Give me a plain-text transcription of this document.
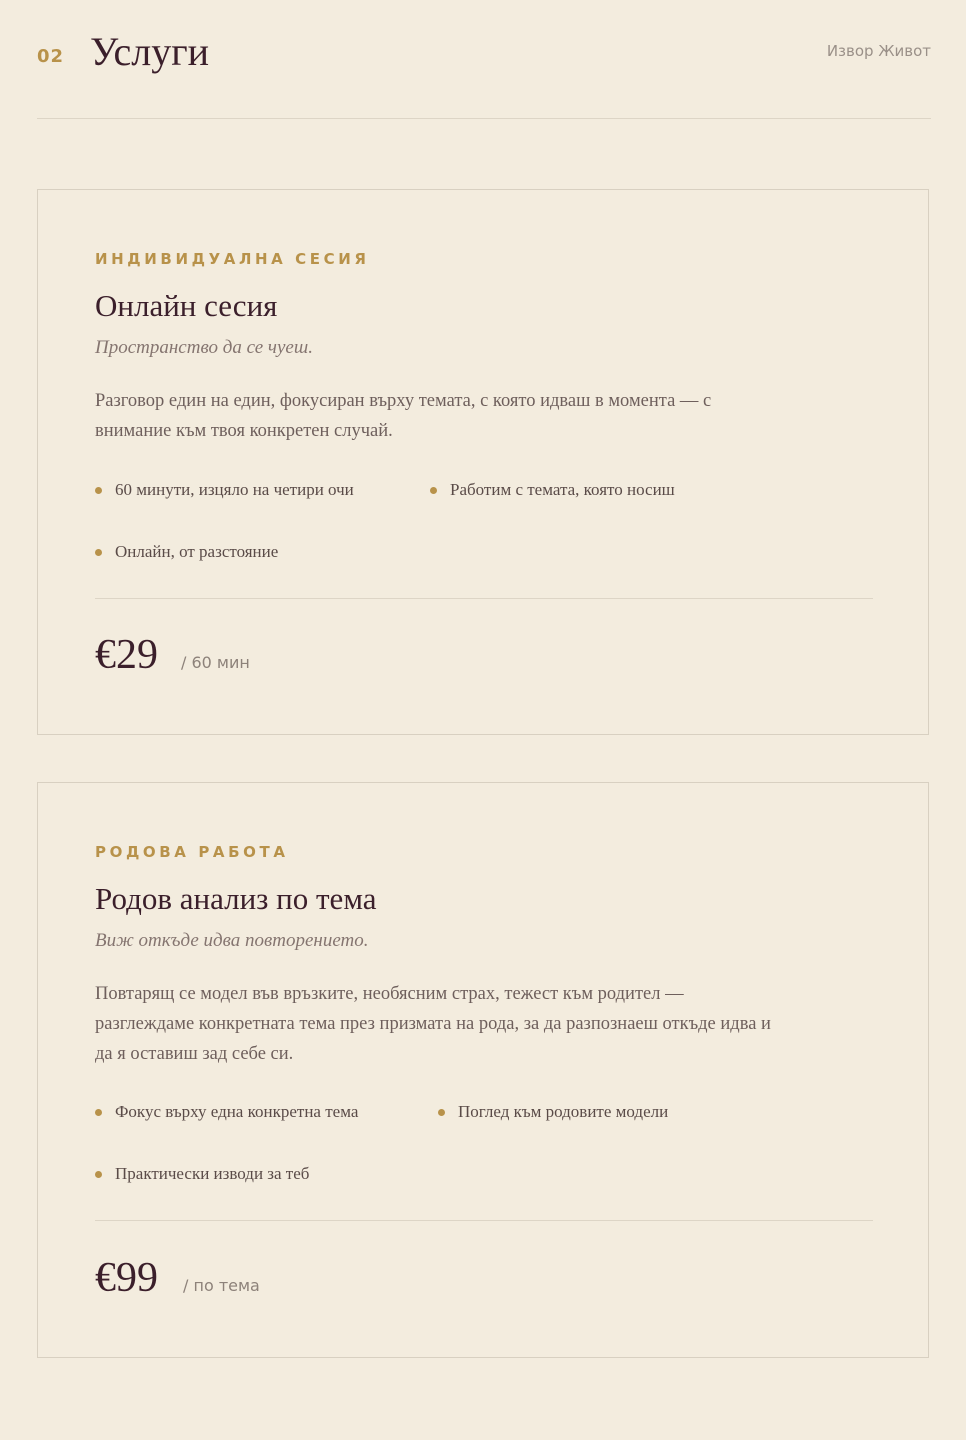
02 Услуги	Извор Живот
ИНДИВИДУАЛНА СЕСИЯ
Онлайн сесия
Пространство да се чуеш.

Разговор един на един, фокусиран върху темата, с която идваш в момента — с внимание към твоя конкретен случай.

60 минути, изцяло на четири очи	Работим с темата, която носиш
Онлайн, от разстояние
€29 / 60 мин
РОДОВА РАБОТА
Родов анализ по тема
Виж откъде идва повторението.

Повтарящ се модел във връзките, необясним страх, тежест към родител — разглеждаме конкретната тема през призмата на рода, за да разпознаеш откъде идва и да я оставиш зад себе си.

Фокус върху една конкретна тема	Поглед към родовите модели
Практически изводи за теб
€99 / по тема
